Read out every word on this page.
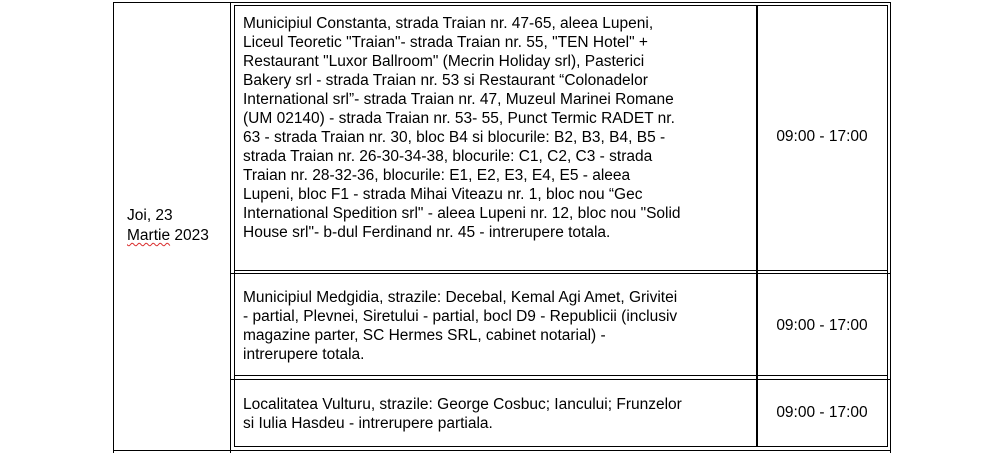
Joi, 23
Martie 2023
Municipiul Constanta, strada Traian nr. 47-65, aleea Lupeni,
Liceul Teoretic "Traian"- strada Traian nr. 55, "TEN Hotel" +
Restaurant "Luxor Ballroom" (Mecrin Holiday srl), Pasterici
Bakery srl - strada Traian nr. 53 si Restaurant “Colonadelor
International srl”- strada Traian nr. 47, Muzeul Marinei Romane
(UM 02140) - strada Traian nr. 53- 55, Punct Termic RADET nr.
63 - strada Traian nr. 30, bloc B4 si blocurile: B2, B3, B4, B5 -
strada Traian nr. 26-30-34-38, blocurile: C1, C2, C3 - strada
Traian nr. 28-32-36, blocurile: E1, E2, E3, E4, E5 - aleea
Lupeni, bloc F1 - strada Mihai Viteazu nr. 1, bloc nou “Gec
International Spedition srl" - aleea Lupeni nr. 12, bloc nou "Solid
House srl"- b-dul Ferdinand nr. 45 - intrerupere totala.
09:00 - 17:00
Municipiul Medgidia, strazile: Decebal, Kemal Agi Amet, Grivitei
- partial, Plevnei, Siretului - partial, bocl D9 - Republicii (inclusiv
magazine parter, SC Hermes SRL, cabinet notarial) -
intrerupere totala.
09:00 - 17:00
Localitatea Vulturu, strazile: George Cosbuc; Iancului; Frunzelor
si Iulia Hasdeu - intrerupere partiala.
09:00 - 17:00
